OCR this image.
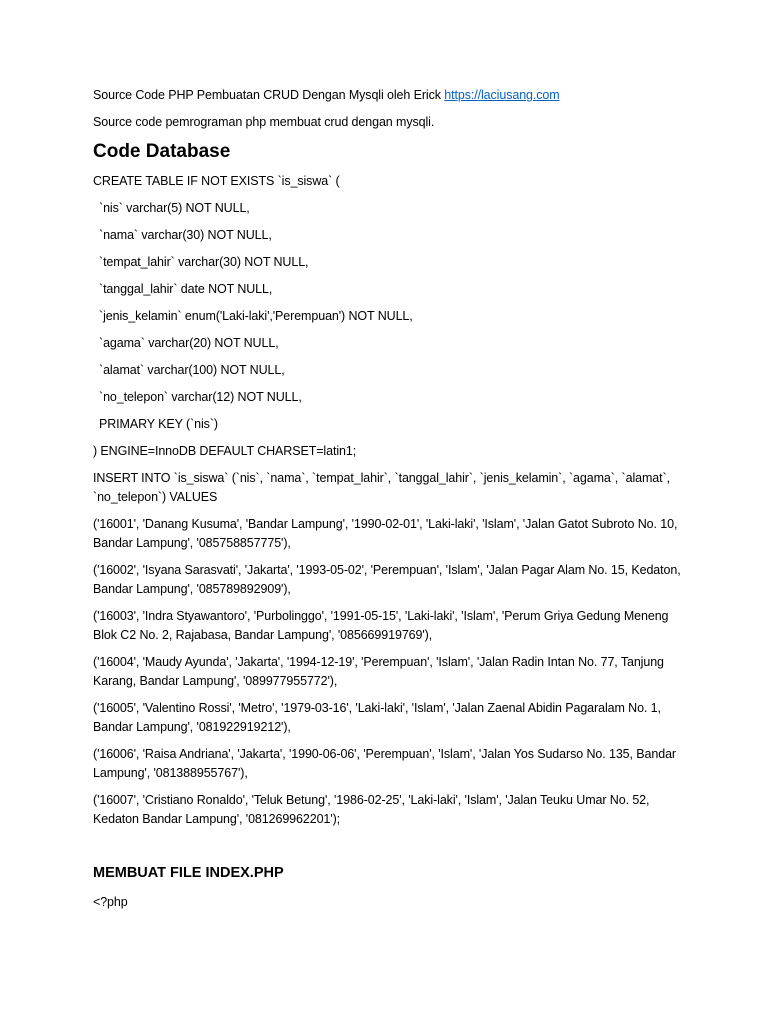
Source Code PHP Pembuatan CRUD Dengan Mysqli oleh Erick https://laciusang.com

Source code pemrograman php membuat crud dengan mysqli.

Code Database

CREATE TABLE IF NOT EXISTS `is_siswa` (

`nis` varchar(5) NOT NULL,

`nama` varchar(30) NOT NULL,

`tempat_lahir` varchar(30) NOT NULL,

`tanggal_lahir` date NOT NULL,

`jenis_kelamin` enum('Laki-laki','Perempuan') NOT NULL,

`agama` varchar(20) NOT NULL,

`alamat` varchar(100) NOT NULL,

`no_telepon` varchar(12) NOT NULL,

PRIMARY KEY (`nis`)

) ENGINE=InnoDB DEFAULT CHARSET=latin1;

INSERT INTO `is_siswa` (`nis`, `nama`, `tempat_lahir`, `tanggal_lahir`, `jenis_kelamin`, `agama`, `alamat`, `no_telepon`) VALUES

('16001', 'Danang Kusuma', 'Bandar Lampung', '1990-02-01', 'Laki-laki', 'Islam', 'Jalan Gatot Subroto No. 10, Bandar Lampung', '085758857775'),

('16002', 'Isyana Sarasvati', 'Jakarta', '1993-05-02', 'Perempuan', 'Islam', 'Jalan Pagar Alam No. 15, Kedaton, Bandar Lampung', '085789892909'),

('16003', 'Indra Styawantoro', 'Purbolinggo', '1991-05-15', 'Laki-laki', 'Islam', 'Perum Griya Gedung Meneng Blok C2 No. 2, Rajabasa, Bandar Lampung', '085669919769'),

('16004', 'Maudy Ayunda', 'Jakarta', '1994-12-19', 'Perempuan', 'Islam', 'Jalan Radin Intan No. 77, Tanjung Karang, Bandar Lampung', '089977955772'),

('16005', 'Valentino Rossi', 'Metro', '1979-03-16', 'Laki-laki', 'Islam', 'Jalan Zaenal Abidin Pagaralam No. 1, Bandar Lampung', '081922919212'),

('16006', 'Raisa Andriana', 'Jakarta', '1990-06-06', 'Perempuan', 'Islam', 'Jalan Yos Sudarso No. 135, Bandar Lampung', '081388955767'),

('16007', 'Cristiano Ronaldo', 'Teluk Betung', '1986-02-25', 'Laki-laki', 'Islam', 'Jalan Teuku Umar No. 52, Kedaton Bandar Lampung', '081269962201');

MEMBUAT FILE INDEX.PHP

<?php
